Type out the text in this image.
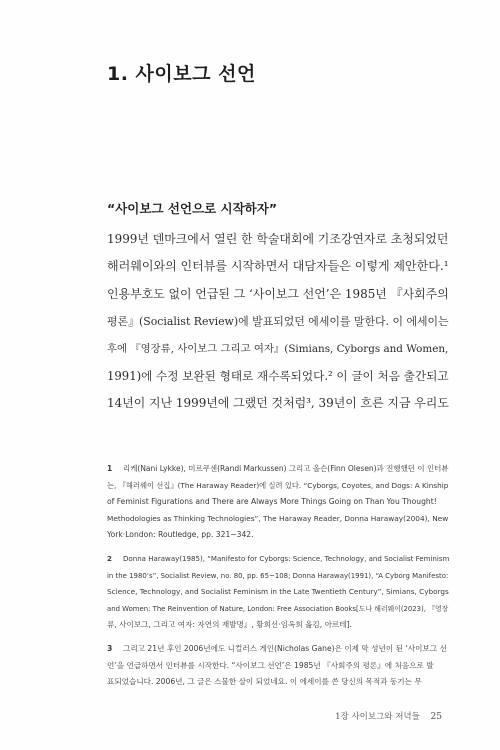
1. 사이보그 선언
“사이보그 선언으로 시작하자”
1999년 덴마크에서 열린 한 학술대회에 기조강연자로 초청되었던
해러웨이와의 인터뷰를 시작하면서 대담자들은 이렇게 제안한다.¹
인용부호도 없이 언급된 그 ‘사이보그 선언’은 1985년 『사회주의
평론』(Socialist Review)에 발표되었던 에세이를 말한다. 이 에세이는
후에 『영장류, 사이보그 그리고 여자』(Simians, Cyborgs and Women,
1991)에 수정 보완된 형태로 재수록되었다.² 이 글이 처음 출간되고
14년이 지난 1999년에 그랬던 것처럼³, 39년이 흐른 지금 우리도
1 리케(Nani Lykke), 미르쿠센(Randi Markussen) 그리고 올슨(Finn Olesen)과 진행했던 이 인터뷰
는, 『해러웨이 선집』(The Haraway Reader)에 실려 있다. “Cyborgs, Coyotes, and Dogs: A Kinship
of Feminist Figurations and There are Always More Things Going on Than You Thought!
Methodologies as Thinking Technologies”, The Haraway Reader, Donna Haraway(2004), New
York·London: Routledge, pp. 321~342.
2 Donna Haraway(1985), “Manifesto for Cyborgs: Science, Technology, and Socialist Feminism
in the 1980’s”, Socialist Review, no. 80, pp. 65~108; Donna Haraway(1991), “A Cyborg Manifesto:
Science, Technology, and Socialist Feminism in the Late Twentieth Century”, Simians, Cyborgs
and Women: The Reinvention of Nature, London: Free Association Books[도나 해러웨이(2023), 『영장
류, 사이보그, 그리고 여자: 자연의 재발명』, 황희선·임옥희 옮김, 아르테].
3 그리고 21년 후인 2006년에도 니컬러스 게인(Nicholas Gane)은 이제 막 성년이 된 ‘사이보그 선
언’을 언급하면서 인터뷰를 시작한다. “사이보그 선언’은 1985년 『사회주의 평론』에 처음으로 발
표되었습니다. 2006년, 그 글은 스물한 살이 되었네요. 이 에세이를 쓴 당신의 목적과 동기는 무
1장 사이보그와 저녁들 25
